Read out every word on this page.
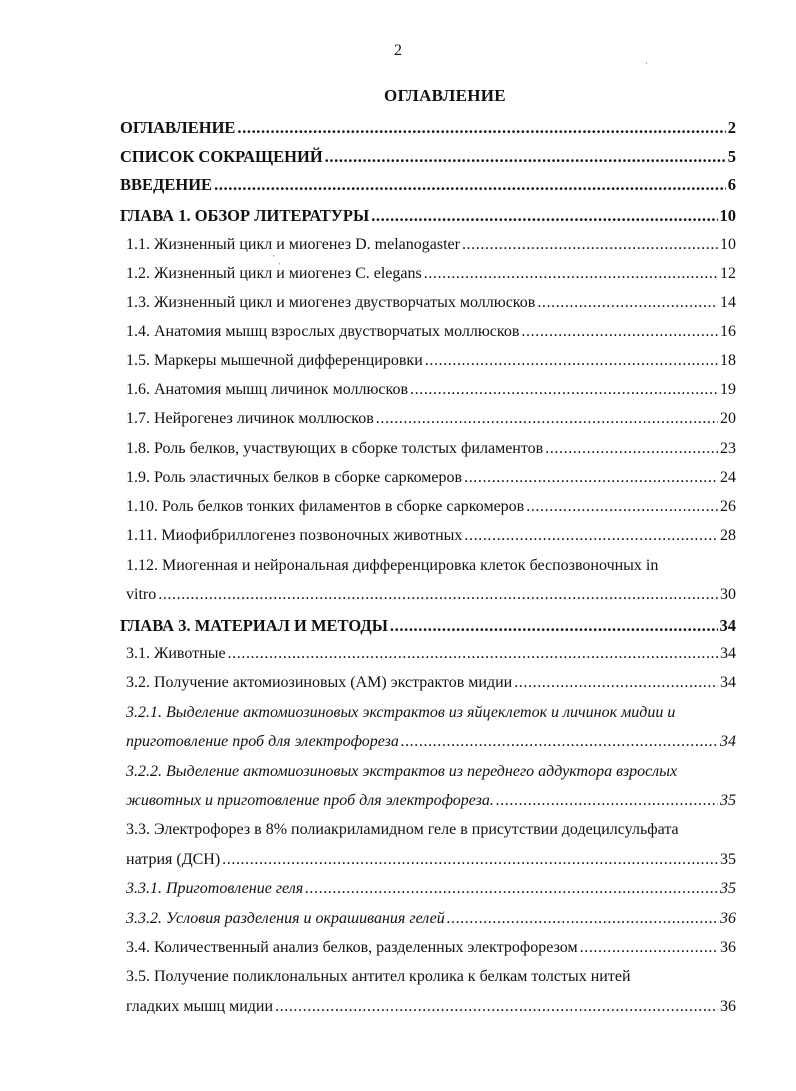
2	ˌ
ˈ ˌ
ОГЛАВЛЕНИЕ
ОГЛАВЛЕНИЕ .....	2
СПИСОК СОКРАЩЕНИЙ .....	5
ВВЕДЕНИЕ .....	6
ГЛАВА 1. ОБЗОР ЛИТЕРАТУРЫ .....	10
1.1. Жизненный цикл и миогенез D. melanogaster .....	10
1.2. Жизненный цикл и миогенез C. elegans .....	12
1.3. Жизненный цикл и миогенез двустворчатых моллюсков .....	14
1.4. Анатомия мышц взрослых двустворчатых моллюсков .....	16
1.5. Маркеры мышечной дифференцировки .....	18
1.6. Анатомия мышц личинок моллюсков .....	19
1.7. Нейрогенез личинок моллюсков .....	20
1.8. Роль белков, участвующих в сборке толстых филаментов .....	23
1.9. Роль эластичных белков в сборке саркомеров .....	24
1.10. Роль белков тонких филаментов в сборке саркомеров .....	26
1.11. Миофибриллогенез позвоночных животных .....	28
1.12. Миогенная и нейрональная дифференцировка клеток беспозвоночных in
vitro .....	30
ГЛАВА 3. МАТЕРИАЛ И МЕТОДЫ .....	34
3.1. Животные .....	34
3.2. Получение актомиозиновых (АМ) экстрактов мидии .....	34
3.2.1. Выделение актомиозиновых экстрактов из яйцеклеток и личинок мидии и
приготовление проб для электрофореза .....	34
3.2.2. Выделение актомиозиновых экстрактов из переднего аддуктора взрослых
животных и приготовление проб для электрофореза. .....	35
3.3. Электрофорез в 8% полиакриламидном геле в присутствии додецилсульфата
натрия (ДСН) .....	35
3.3.1. Приготовление геля .....	35
3.3.2. Условия разделения и окрашивания гелей .....	36
3.4. Количественный анализ белков, разделенных электрофорезом .....	36
3.5. Получение поликлональных антител кролика к белкам толстых нитей
гладких мышц мидии .....	36
